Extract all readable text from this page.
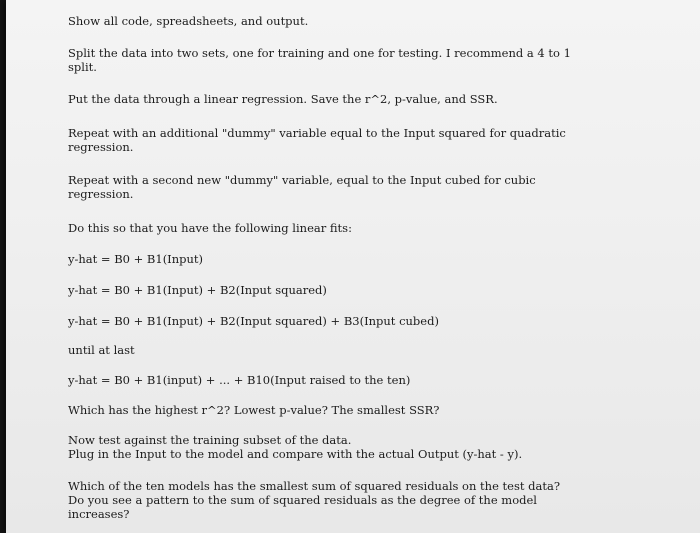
Show all code, spreadsheets, and output.

Split the data into two sets, one for training and one for testing. I recommend a 4 to 1

split.

Put the data through a linear regression. Save the r^2, p-value, and SSR.

Repeat with an additional "dummy" variable equal to the Input squared for quadratic

regression.

Repeat with a second new "dummy" variable, equal to the Input cubed for cubic

regression.

Do this so that you have the following linear fits:

y-hat = B0 + B1(Input)

y-hat = B0 + B1(Input) + B2(Input squared)

y-hat = B0 + B1(Input) + B2(Input squared) + B3(Input cubed)

until at last

y-hat = B0 + B1(input) + ... + B10(Input raised to the ten)

Which has the highest r^2? Lowest p-value? The smallest SSR?

Now test against the training subset of the data.

Plug in the Input to the model and compare with the actual Output (y-hat - y).

Which of the ten models has the smallest sum of squared residuals on the test data?

Do you see a pattern to the sum of squared residuals as the degree of the model

increases?
